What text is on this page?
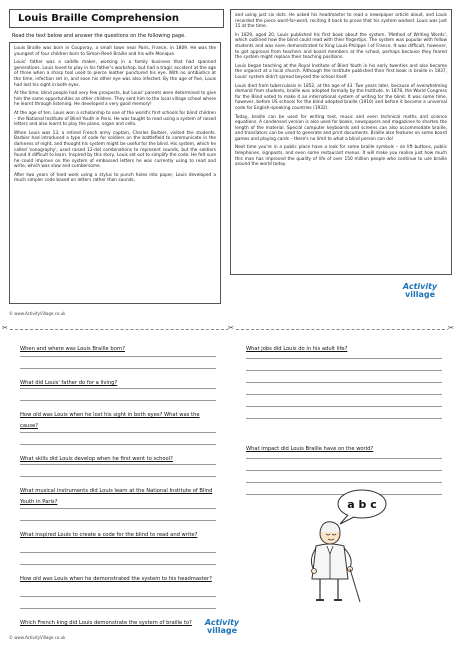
Louis Braille Comprehension
Read the text below and answer the questions on the following page.

Louis Braille was born in Coupvray, a small town near Paris, France, in 1809. He was the youngest of four children born to Simon-René Braille and his wife Monique.

Louis' father was a saddle maker, working in a family business that had spanned generations. Louis loved to play in his father's workshop, but had a tragic accident at the age of three when a sharp tool used to pierce leather punctured his eye. With no antibiotics at the time, infection set in, and soon his other eye was also infected. By the age of five, Louis had lost his sight in both eyes.

At the time, blind people had very few prospects, but Louis' parents were determined to give him the same opportunities as other children. They sent him to the local village school where he learnt through listening. He developed a very good memory!

At the age of ten, Louis won a scholarship to one of the world's first schools for blind children – the National Institute of Blind Youth in Paris. He was taught to read using a system of raised letters and also learnt to play the piano, organ and cello.

When Louis was 13, a retired French army captain, Charles Barbier, visited the students. Barbier had introduced a type of code for soldiers on the battlefield to communicate in the darkness of night, and thought his system might be useful for the blind. His system, which he called 'sonography', used raised 12-dot combinations to represent sounds, but the soldiers found it difficult to learn. Inspired by this story, Louis set out to simplify the code. He felt sure he could improve on the system of embossed letters he was currently using to read and write, which was slow and cumbersome.

After two years of hard work using a stylus to punch holes into paper, Louis developed a much simpler code based on letters rather than sounds,

and using just six dots. He asked his headmaster to read a newspaper article aloud, and Louis recorded the piece word-for-word, reciting it back to prove that his system worked. Louis was just 15 at the time.

In 1829, aged 20, Louis published his first book about the system, 'Method of Writing Words', which outlined how the blind could read with their fingertips. The system was popular with fellow students and was even demonstrated to King Louis-Philippe I of France. It was difficult, however, to get approval from teachers and board members at the school, perhaps because they feared the system might replace their teaching positions.

Louis began teaching at the Royal Institute of Blind Youth in his early twenties and also became the organist at a local church. Although the Institute published their first book in braille in 1837, Louis' system didn't spread beyond the school itself.

Louis died from tuberculosis in 1852, at the age of 43. Two years later, because of overwhelming demand from students, braille was adopted formally by the Institute. In 1878, the World Congress for the Blind voted to make it an international system of writing for the blind. It was some time, however, before US schools for the blind adopted braille (1916) and before it became a universal code for English-speaking countries (1932).

Today, braille can be used for writing text, music and even technical maths and science equations. A condensed version is also used for books, newspapers and magazines to shorten the length of the material. Special computer keyboards and screens can also accommodate braille, and translators can be used to generate and print documents. Braille also features on some board games and playing cards – there's no limit to what a blind person can do!

Next time you're in a public place have a look for some braille symbols – on lift buttons, public telephones, signposts, and even some restaurant menus. It will make you realise just how much this man has improved the quality of life of over 150 million people who continue to use braille around the world today.

© www.ActivityVillage.co.uk
Activity
village
✂	✂	✂
When and where was Louis Braille born?
What did Louis' father do for a living?
How old was Louis when he lost his sight in both eyes? What was the cause?
What skills did Louis develop when he first went to school?
What musical instruments did Louis learn at the National Institute of Blind Youth in Paris?
What inspired Louis to create a code for the blind to read and write?
How old was Louis when he demonstrated the system to his headmaster?
Which French king did Louis demonstrate the system of braille to?
What jobs did Louis do in his adult life?
What impact did Louis Braille have on the world?
a b c
© www.ActivityVillage.co.uk
Activity
village
